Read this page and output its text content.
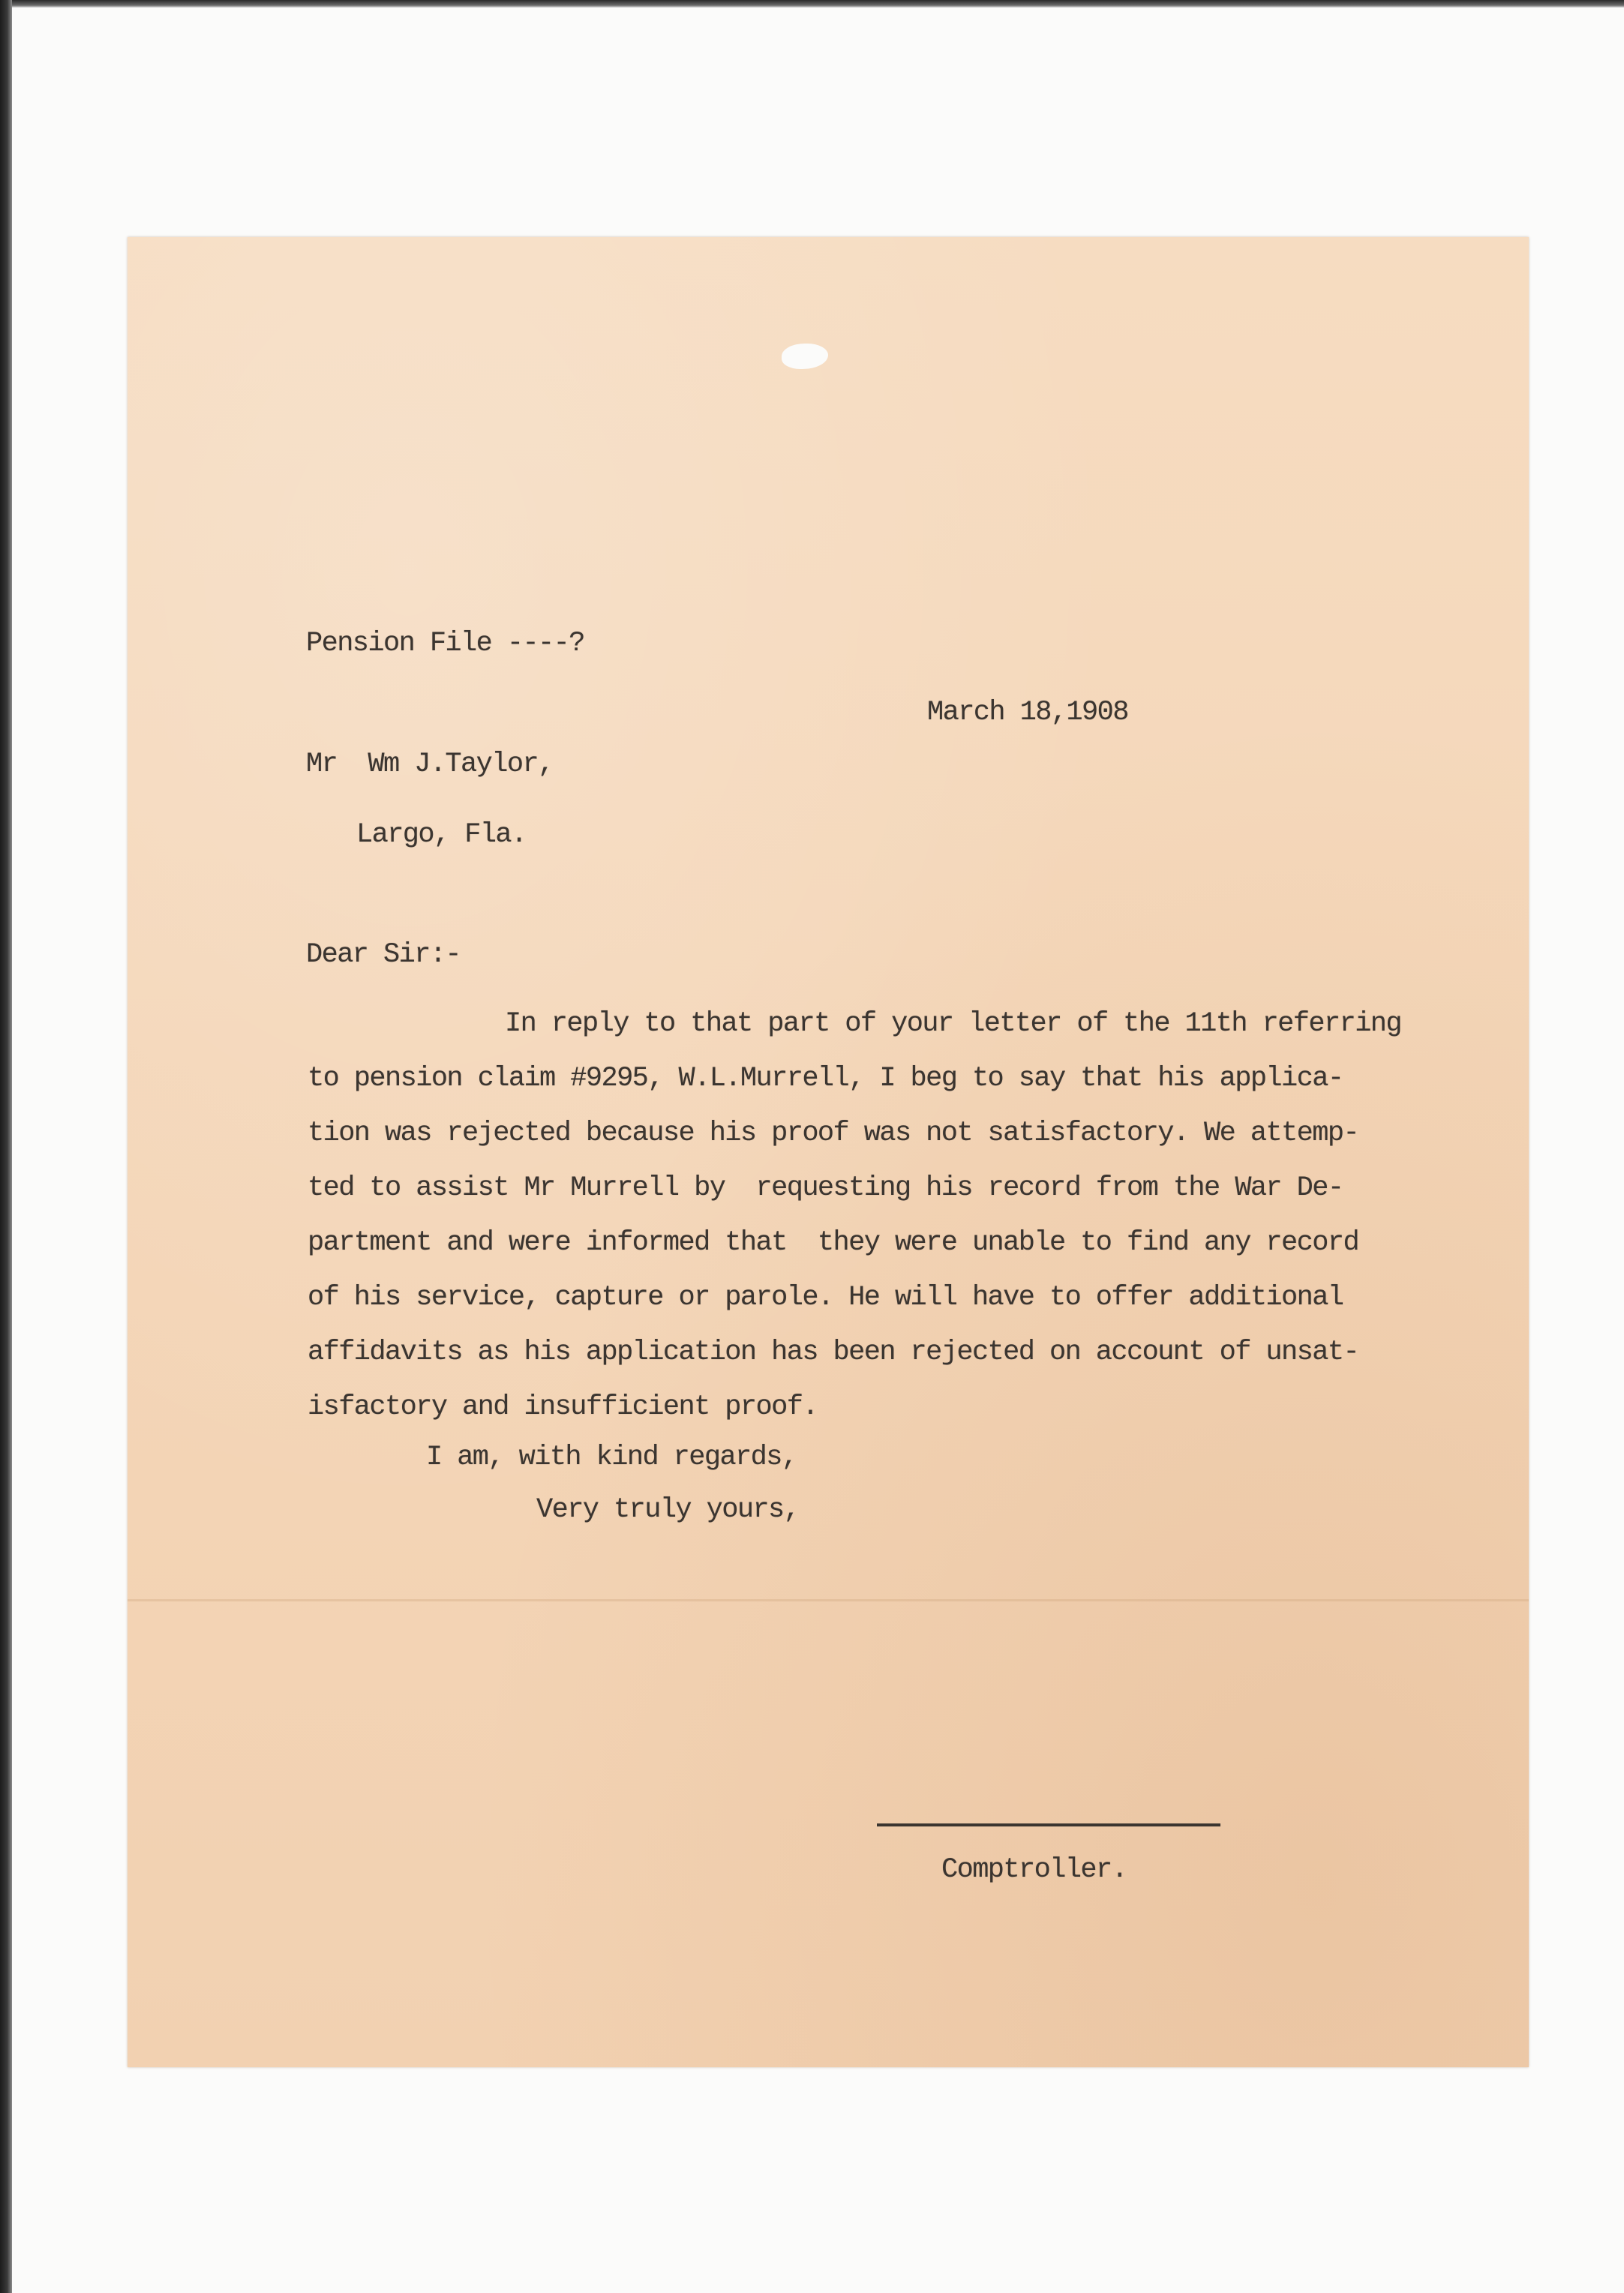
Pension File ----?

March 18,1908

Mr  Wm J.Taylor,

Largo, Fla.

Dear Sir:-

In reply to that part of your letter of the 11th referring

to pension claim #9295, W.L.Murrell, I beg to say that his applica-

tion was rejected because his proof was not satisfactory. We attemp-

ted to assist Mr Murrell by  requesting his record from the War De-

partment and were informed that  they were unable to find any record

of his service, capture or parole. He will have to offer additional

affidavits as his application has been rejected on account of unsat-

isfactory and insufficient proof.

I am, with kind regards,

Very truly yours,

Comptroller.
